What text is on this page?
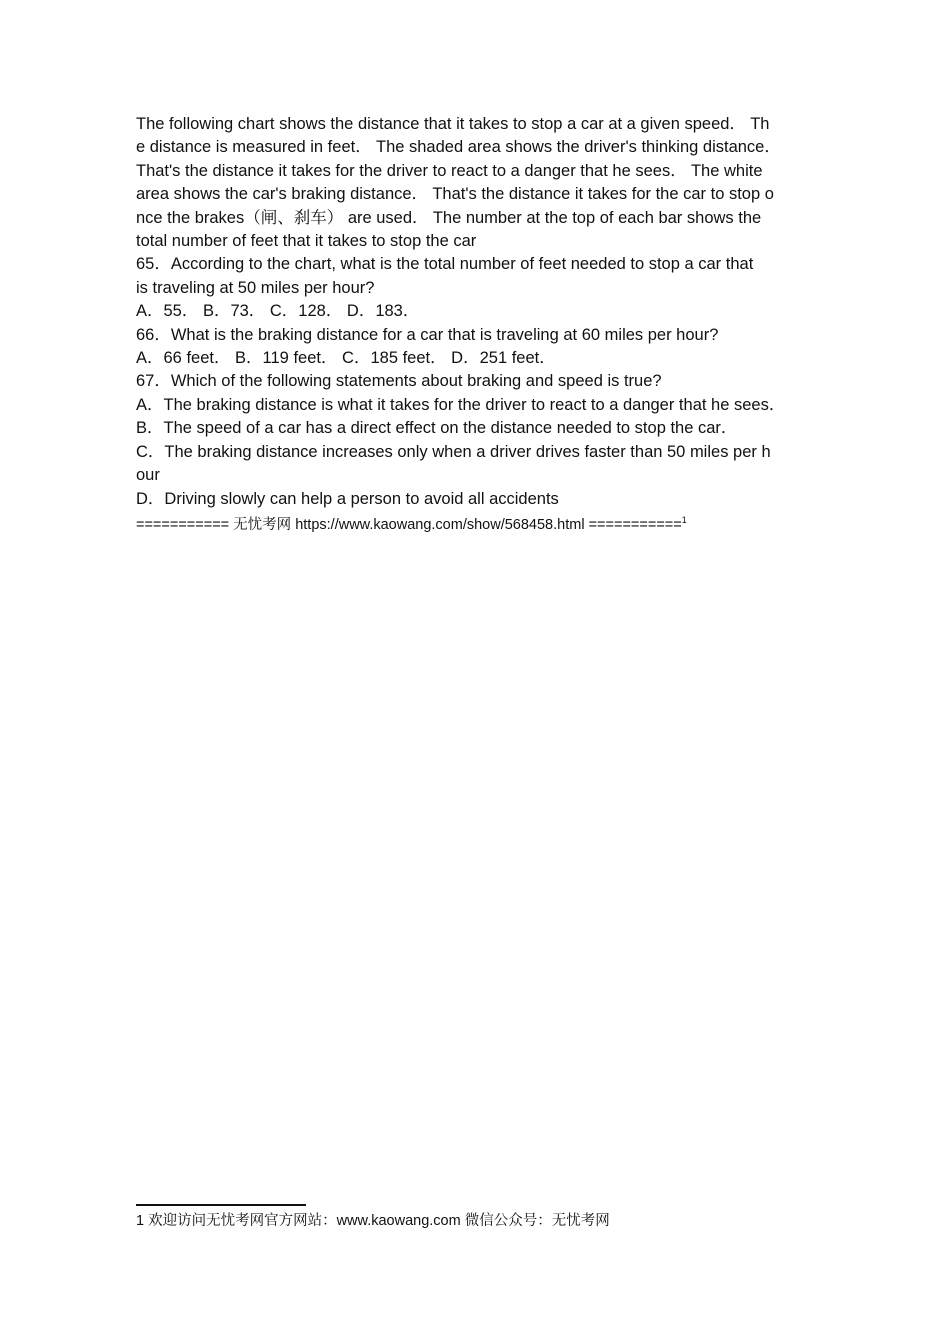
The following chart shows the distance that it takes to stop a car at a given speed． Th
e distance is measured in feet． The shaded area shows the driver's thinking distance．
That's the distance it takes for the driver to react to a danger that he sees． The white
area shows the car's braking distance． That's the distance it takes for the car to stop o
nce the brakes（闸、刹车） are used． The number at the top of each bar shows the
total number of feet that it takes to stop the car
65．According to the chart, what is the total number of feet needed to stop a car that
is traveling at 50 miles per hour?
A．55． B．73． C．128． D．183．
66．What is the braking distance for a car that is traveling at 60 miles per hour?
A．66 feet． B．119 feet． C．185 feet． D．251 feet．
67．Which of the following statements about braking and speed is true?
A．The braking distance is what it takes for the driver to react to a danger that he sees．
B．The speed of a car has a direct effect on the distance needed to stop the car．
C．The braking distance increases only when a driver drives faster than 50 miles per h
our
D．Driving slowly can help a person to avoid all accidents
=========== 无忧考网 https://www.kaowang.com/show/568458.html ===========$^1$
1 欢迎访问无忧考网官方网站：www.kaowang.com 微信公众号：无忧考网
